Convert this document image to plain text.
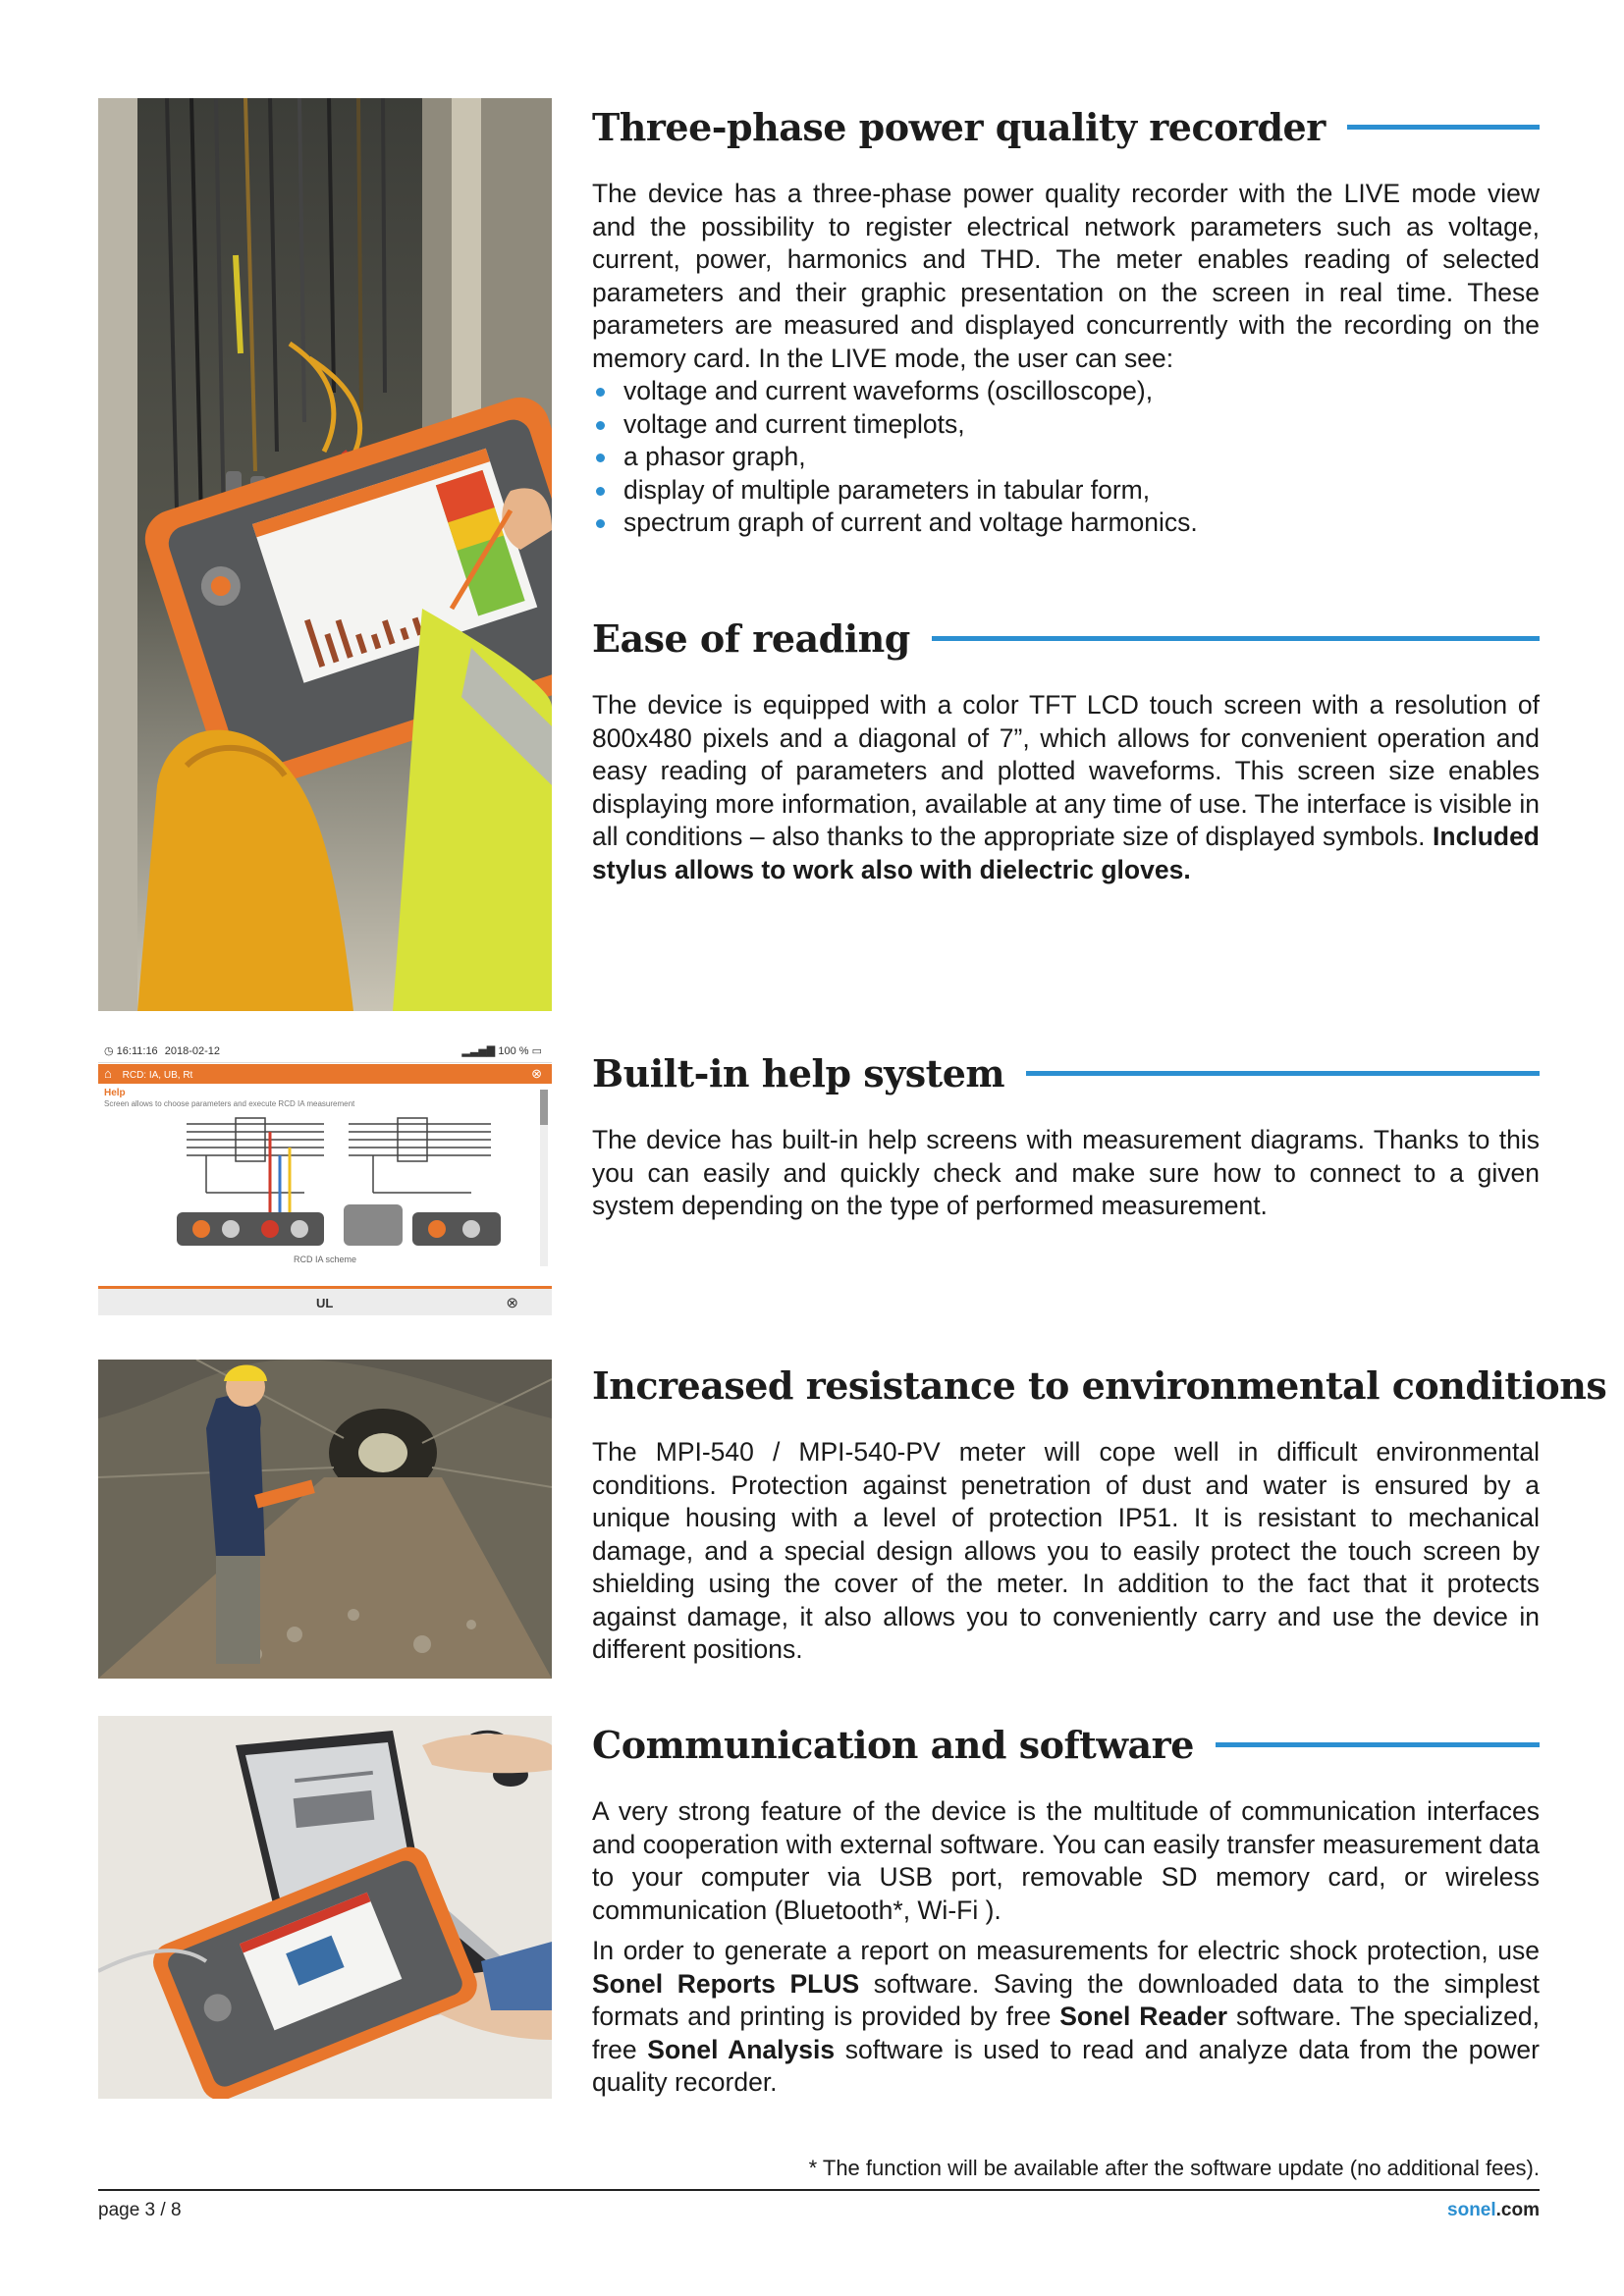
◷ 16:11:16 2018-02-12	▂▃▅▇ 100 % ▭
⌂ RCD: IA, UB, Rt	⊗
Help
Screen allows to choose parameters and execute RCD IA measurement
RCD IA scheme
UL	⊗
Three-phase power quality recorder

The device has a three-phase power quality recorder with the LIVE mode view and the possibility to register electrical network parameters such as voltage, current, power, harmonics and THD. The meter enables reading of selected parameters and their graphic presentation on the screen in real time. These parameters are measured and displayed concurrently with the recording on the memory card. In the LIVE mode, the user can see:

voltage and current waveforms (oscilloscope),
voltage and current timeplots,
a phasor graph,
display of multiple parameters in tabular form,
spectrum graph of current and voltage harmonics.
Ease of reading

The device is equipped with a color TFT LCD touch screen with a resolution of 800x480 pixels and a diagonal of 7”, which allows for convenient operation and easy reading of parameters and plotted waveforms. This screen size enables displaying more information, available at any time of use. The interface is visible in all conditions – also thanks to the appropriate size of displayed symbols. Included stylus allows to work also with dielectric gloves.

Built-in help system

The device has built-in help screens with measurement diagrams. Thanks to this you can easily and quickly check and make sure how to connect to a given system depending on the type of performed measurement.

Increased resistance to environmental conditions

The MPI-540 / MPI-540-PV meter will cope well in difficult environmental conditions. Protection against penetration of dust and water is ensured by a unique housing with a level of protection IP51. It is resistant to mechanical damage, and a special design allows you to easily protect the touch screen by shielding using the cover of the meter. In addition to the fact that it protects against damage, it also allows you to conveniently carry and use the device in different positions.

Communication and software

A very strong feature of the device is the multitude of communication interfaces and cooperation with external software. You can easily transfer measurement data to your computer via USB port, removable SD memory card, or wireless communication (Bluetooth*, Wi-Fi ).

In order to generate a report on measurements for electric shock protection, use Sonel Reports PLUS software. Saving the downloaded data to the simplest formats and printing is provided by free Sonel Reader software. The specialized, free Sonel Analysis software is used to read and analyze data from the power quality recorder.

* The function will be available after the software update (no additional fees).
page 3 / 8	sonel.com
